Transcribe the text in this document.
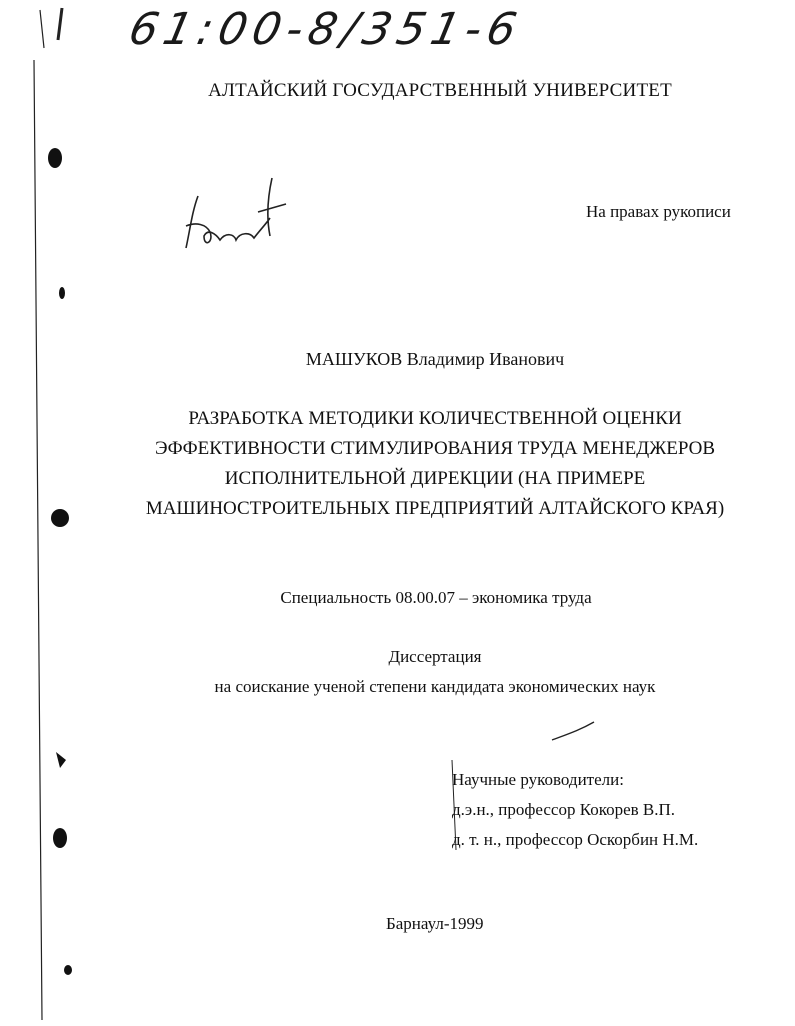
61:00-8/351-6
АЛТАЙСКИЙ ГОСУДАРСТВЕННЫЙ УНИВЕРСИТЕТ
На правах рукописи
МАШУКОВ Владимир Иванович
РАЗРАБОТКА МЕТОДИКИ КОЛИЧЕСТВЕННОЙ ОЦЕНКИ
ЭФФЕКТИВНОСТИ СТИМУЛИРОВАНИЯ ТРУДА МЕНЕДЖЕРОВ
ИСПОЛНИТЕЛЬНОЙ ДИРЕКЦИИ (НА ПРИМЕРЕ
МАШИНОСТРОИТЕЛЬНЫХ ПРЕДПРИЯТИЙ АЛТАЙСКОГО КРАЯ)
Специальность 08.00.07 – экономика труда
Диссертация
на соискание ученой степени кандидата экономических наук
Научные руководители:
д.э.н., профессор Кокорев В.П.
д. т. н., профессор Оскорбин Н.М.
Барнаул-1999
